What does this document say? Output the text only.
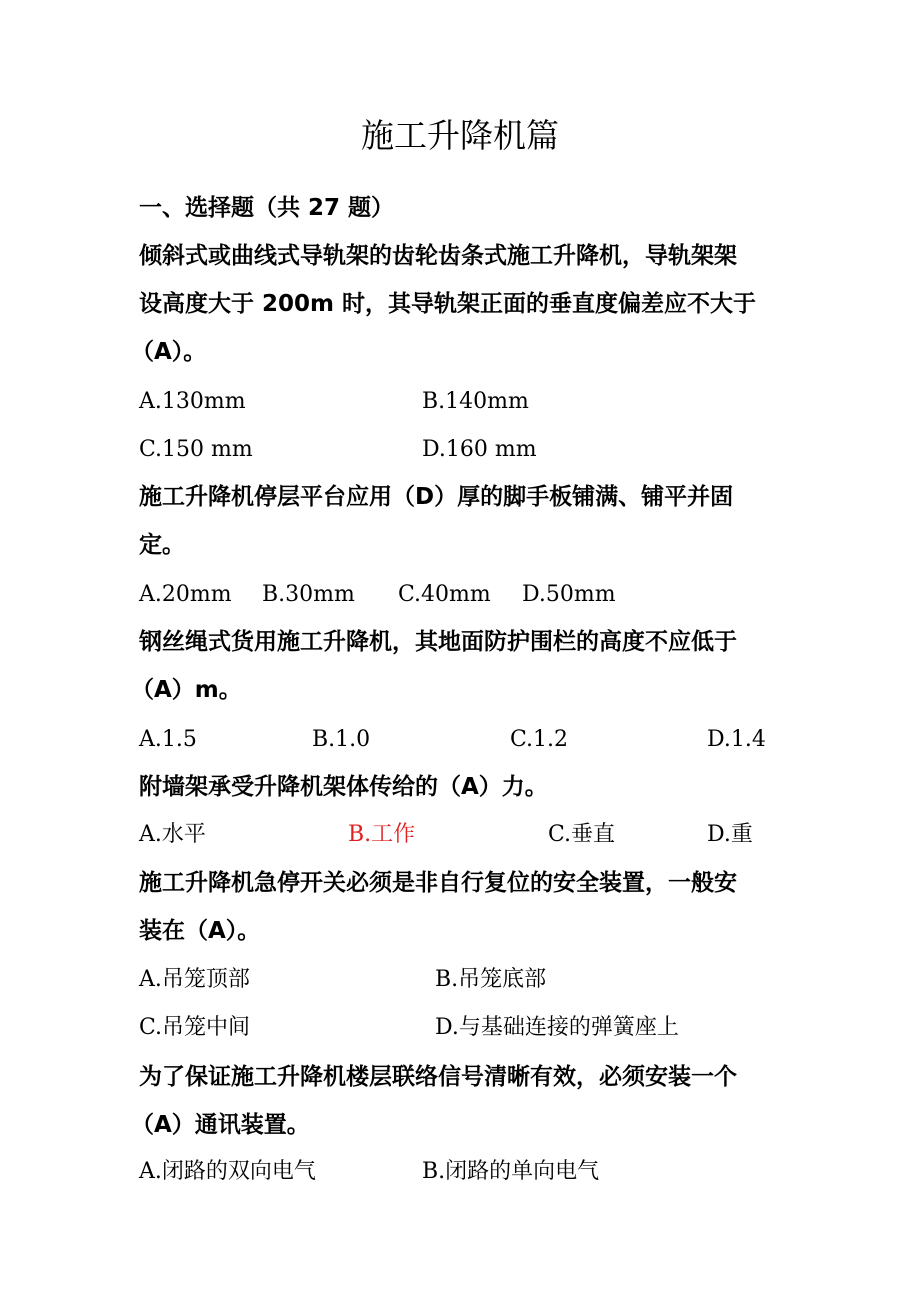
施工升降机篇
一、选择题（共 27 题）
倾斜式或曲线式导轨架的齿轮齿条式施工升降机，导轨架架
设高度大于 200m 时，其导轨架正面的垂直度偏差应不大于
（A）。
A.130mm	B.140mm
C.150 mm	D.160 mm
施工升降机停层平台应用（D）厚的脚手板铺满、铺平并固
定。
A.20mm B.30mm C.40mm D.50mm
钢丝绳式货用施工升降机，其地面防护围栏的高度不应低于
（A）m。
A.1.5	B.1.0	C.1.2	D.1.4
附墙架承受升降机架体传给的（A）力。
A.水平	B.工作	C.垂直	D.重
施工升降机急停开关必须是非自行复位的安全装置，一般安
装在（A）。
A.吊笼顶部	B.吊笼底部
C.吊笼中间	D.与基础连接的弹簧座上
为了保证施工升降机楼层联络信号清晰有效，必须安装一个
（A）通讯装置。
A.闭路的双向电气	B.闭路的单向电气
